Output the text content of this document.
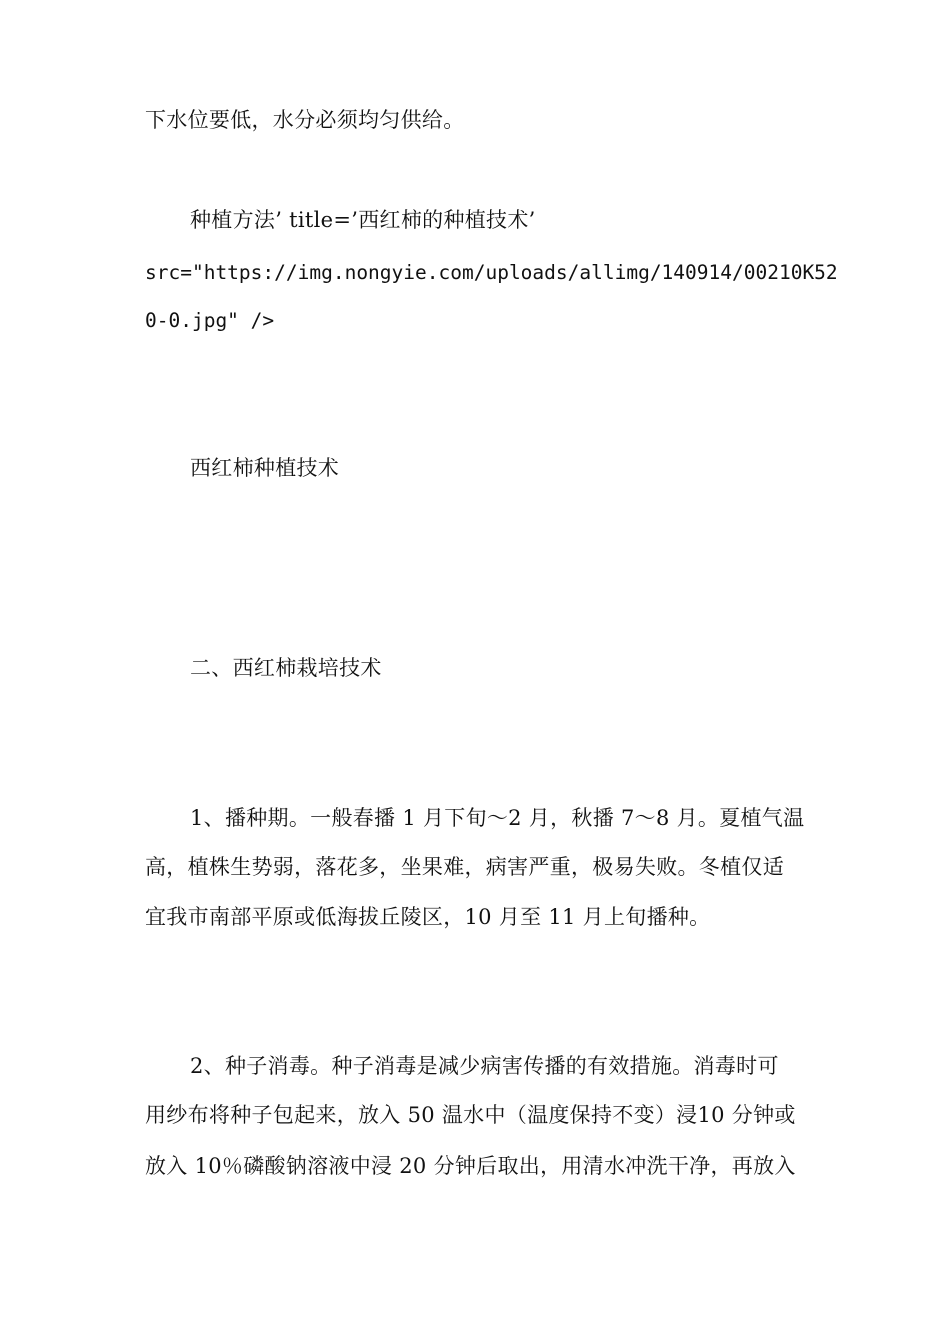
下水位要低，水分必须均匀供给。
种植方法’ title=’西红柿的种植技术’
src="https://img.nongyie.com/uploads/allimg/140914/00210K52
0-0.jpg" />
西红柿种植技术
二、西红柿栽培技术
1、播种期。一般春播 1 月下旬～2 月，秋播 7～8 月。夏植气温
高，植株生势弱，落花多，坐果难，病害严重，极易失败。冬植仅适
宜我市南部平原或低海拔丘陵区，10 月至 11 月上旬播种。
2、种子消毒。种子消毒是减少病害传播的有效措施。消毒时可
用纱布将种子包起来，放入 50 温水中（温度保持不变）浸10 分钟或
放入 10％磷酸钠溶液中浸 20 分钟后取出，用清水冲洗干净，再放入
